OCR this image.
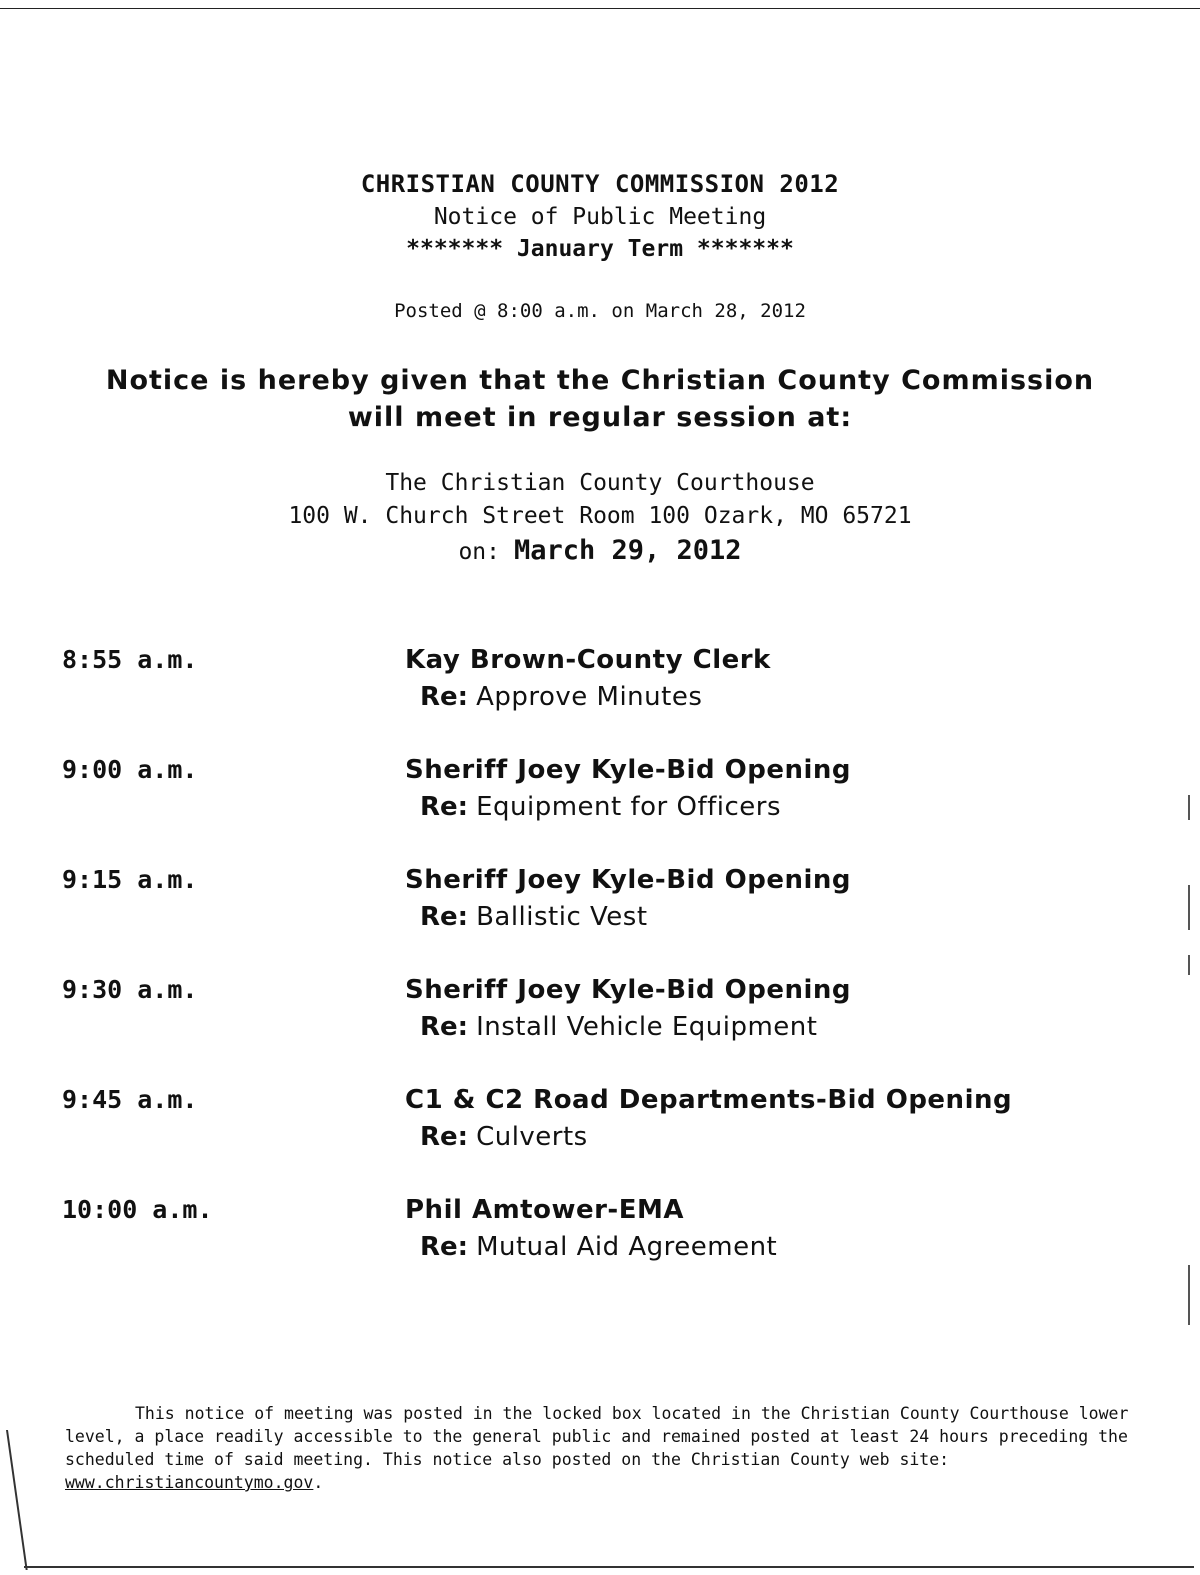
CHRISTIAN COUNTY COMMISSION 2012
Notice of Public Meeting
******* January Term *******
Posted @ 8:00 a.m. on March 28, 2012
Notice is hereby given that the Christian County Commission
will meet in regular session at:
The Christian County Courthouse
100 W. Church Street Room 100 Ozark, MO 65721
on: March 29, 2012
8:55 a.m.	Kay Brown-County Clerk
Re: Approve Minutes
9:00 a.m.	Sheriff Joey Kyle-Bid Opening
Re: Equipment for Officers
9:15 a.m.	Sheriff Joey Kyle-Bid Opening
Re: Ballistic Vest
9:30 a.m.	Sheriff Joey Kyle-Bid Opening
Re: Install Vehicle Equipment
9:45 a.m.	C1 & C2 Road Departments-Bid Opening
Re: Culverts
10:00 a.m.	Phil Amtower-EMA
Re: Mutual Aid Agreement
This notice of meeting was posted in the locked box located in the Christian County Courthouse lower level, a place readily accessible to the general public and remained posted at least 24 hours preceding the scheduled time of said meeting. This notice also posted on the Christian County web site: www.christiancountymo.gov.
